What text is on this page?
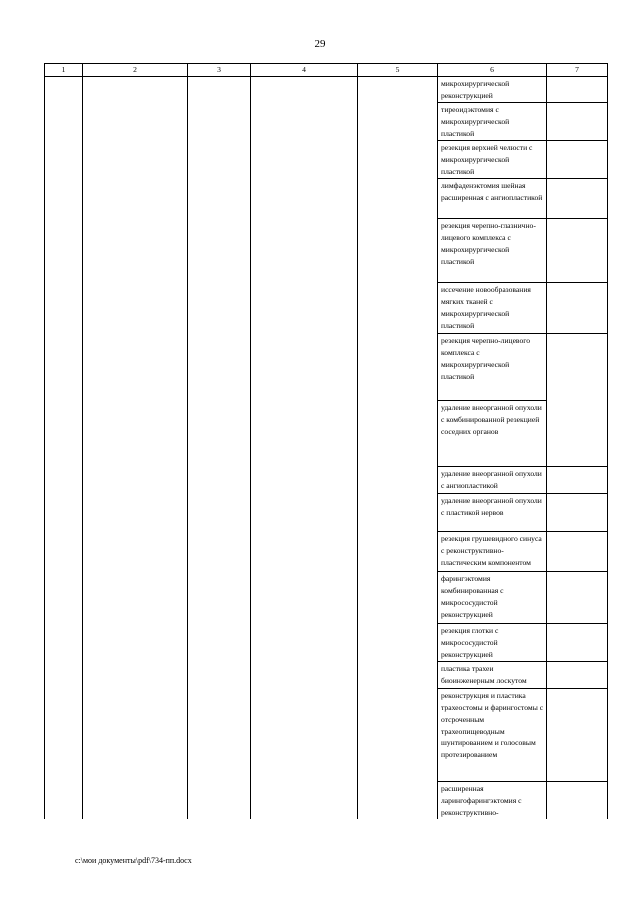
29
1	2	3	4	5	6	7
					микрохирургической реконструкцией	
					тиреоидэктомия с микрохирургической пластикой	
					резекция верхней челюсти с микрохирургической пластикой	
					лимфаденэктомия шейная расширенная с ангиопластикой	
					резекция черепно-глазнично-лицевого комплекса с микрохирургической пластикой	
					иссечение новообразования мягких тканей с микрохирургической пластикой	
					резекция черепно-лицевого комплекса с микрохирургической пластикой	
					удаление внеорганной опухоли с комбинированной резекцией соседних органов	
					удаление внеорганной опухоли с ангиопластикой	
					удаление внеорганной опухоли с пластикой нервов	
					резекция грушевидного синуса с реконструктивно-пластическим компонентом	
					фарингэктомия комбинированная с микрососудистой реконструкцией	
					резекция глотки с микрососудистой реконструкцией	
					пластика трахеи биоинженерным лоскутом	
					реконструкция и пластика трахеостомы и фарингостомы с отсроченным трахеопищеводным шунтированием и голосовым протезированием	
					расширенная ларингофарингэктомия с реконструктивно-	
c:\мои документы\pdf\734-пп.docx
